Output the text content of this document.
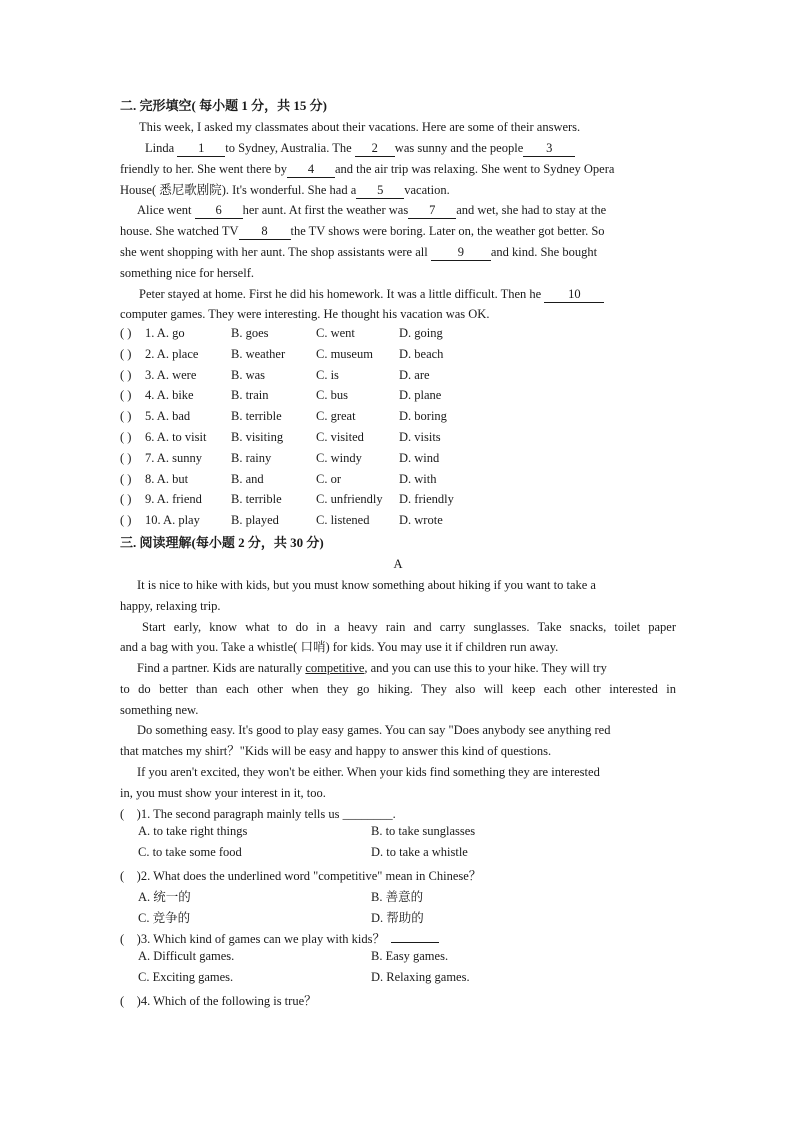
二. 完形填空( 每小题 1 分，共 15 分)
This week, I asked my classmates about their vacations. Here are some of their answers.
Linda 1 to Sydney, Australia. The 2 was sunny and the people 3
friendly to her. She went there by 4 and the air trip was relaxing. She went to Sydney Opera
House( 悉尼歌剧院). It's wonderful. She had a 5 vacation.
Alice went 6 her aunt. At first the weather was 7 and wet, she had to stay at the
house. She watched TV 8 the TV shows were boring. Later on, the weather got better. So
she went shopping with her aunt. The shop assistants were all 9 and kind. She bought
something nice for herself.
Peter stayed at home. First he did his homework. It was a little difficult. Then he 10
computer games. They were interesting. He thought his vacation was OK.
( ) 1. A. go	B. goes	C. went	D. going
( ) 2. A. place	B. weather C. museum D. beach
( ) 3. A. were	B. was	C. is	D. are
( ) 4. A. bike	B. train	C. bus	D. plane
( ) 5. A. bad	B. terrible	C. great	D. boring
( ) 6. A. to visit B. visiting	C. visited	D. visits
( ) 7. A. sunny B. rainy	C. windy	D. wind
( ) 8. A. but	B. and	C. or	D. with
( ) 9. A. friend B. terrible	C. unfriendly D. friendly
( ) 10. A. play B. played	C. listened D. wrote
三. 阅读理解(每小题 2 分，共 30 分)
A
It is nice to hike with kids, but you must know something about hiking if you want to take a
happy, relaxing trip.
Start early, know what to do in a heavy rain and carry sunglasses. Take snacks, toilet paper
and a bag with you. Take a whistle( 口哨) for kids. You may use it if children run away.
Find a partner. Kids are naturally competitive, and you can use this to your hike. They will try
to do better than each other when they go hiking. They also will keep each other interested in
something new.
Do something easy. It's good to play easy games. You can say "Does anybody see anything red
that matches my shirt？"Kids will be easy and happy to answer this kind of questions.
If you aren't excited, they won't be either. When your kids find something they are interested
in, you must show your interest in it, too.
( )1. The second paragraph mainly tells us ________.
A. to take right things	B. to take sunglasses
C. to take some food	D. to take a whistle
( )2. What does the underlined word "competitive" mean in Chinese？
A. 统一的	B. 善意的
C. 竞争的	D. 帮助的
( )3. Which kind of games can we play with kids？
A. Difficult games.	B. Easy games.
C. Exciting games.	D. Relaxing games.
( )4. Which of the following is true？
